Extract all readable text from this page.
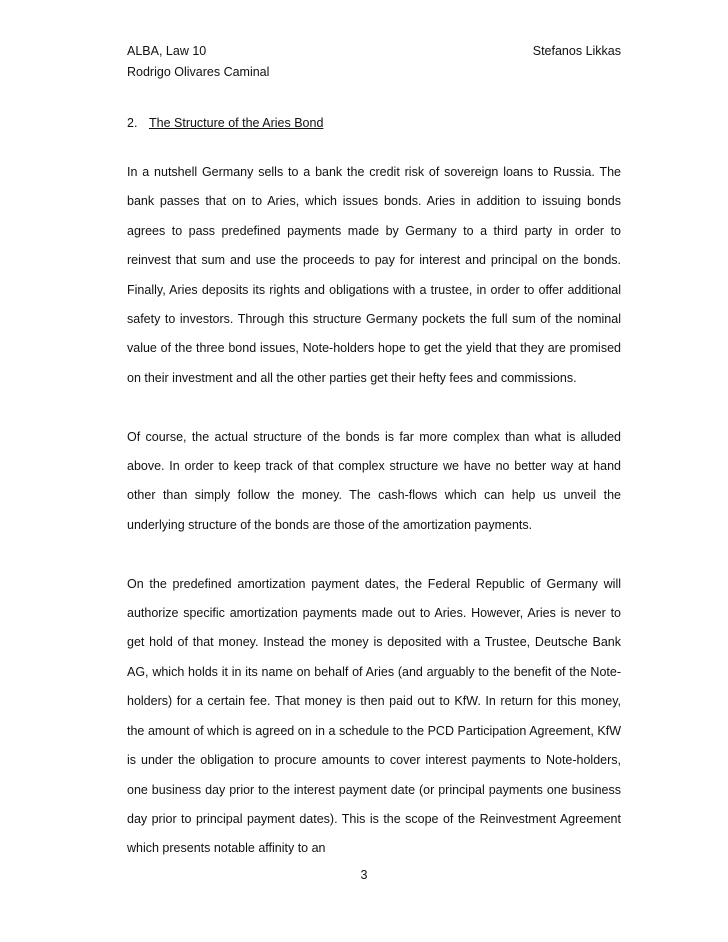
ALBA, Law 10	Stefanos Likkas
Rodrigo Olivares Caminal
2. The Structure of the Aries Bond

In a nutshell Germany sells to a bank the credit risk of sovereign loans to Russia. The bank passes that on to Aries, which issues bonds. Aries in addition to issuing bonds agrees to pass predefined payments made by Germany to a third party in order to reinvest that sum and use the proceeds to pay for interest and principal on the bonds. Finally, Aries deposits its rights and obligations with a trustee, in order to offer additional safety to investors. Through this structure Germany pockets the full sum of the nominal value of the three bond issues, Note-holders hope to get the yield that they are promised on their investment and all the other parties get their hefty fees and commissions.

Of course, the actual structure of the bonds is far more complex than what is alluded above. In order to keep track of that complex structure we have no better way at hand other than simply follow the money. The cash-flows which can help us unveil the underlying structure of the bonds are those of the amortization payments.

On the predefined amortization payment dates, the Federal Republic of Germany will authorize specific amortization payments made out to Aries. However, Aries is never to get hold of that money. Instead the money is deposited with a Trustee, Deutsche Bank AG, which holds it in its name on behalf of Aries (and arguably to the benefit of the Note-holders) for a certain fee. That money is then paid out to KfW. In return for this money, the amount of which is agreed on in a schedule to the PCD Participation Agreement, KfW is under the obligation to procure amounts to cover interest payments to Note-holders, one business day prior to the interest payment date (or principal payments one business day prior to principal payment dates). This is the scope of the Reinvestment Agreement which presents notable affinity to an

3
